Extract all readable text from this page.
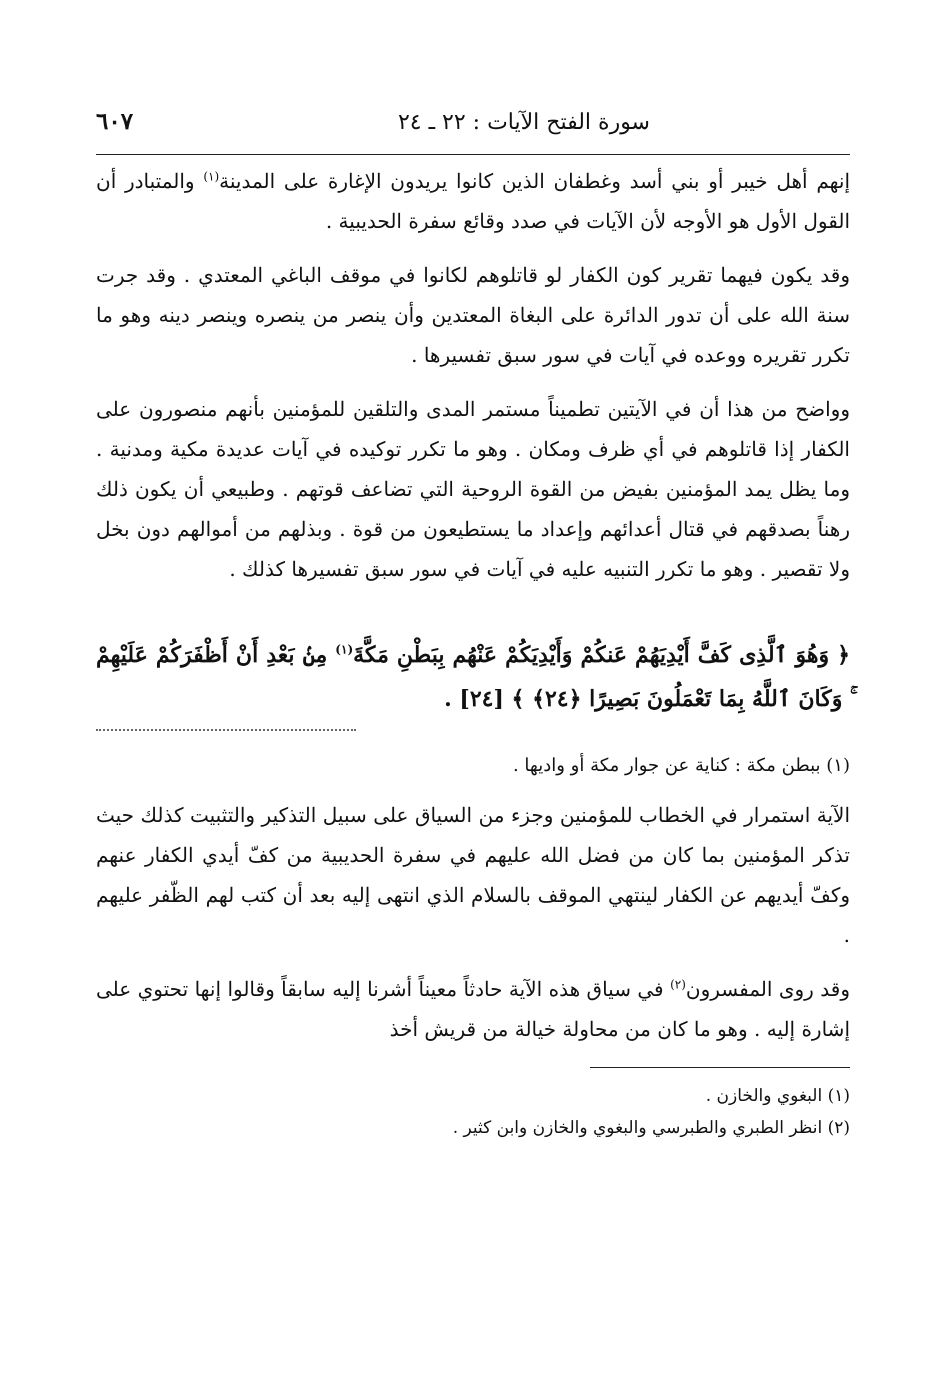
سورة الفتح الآيات : ٢٢ ـ ٢٤
٦٠٧

إنهم أهل خيبر أو بني أسد وغطفان الذين كانوا يريدون الإغارة على المدينة$^{(١)}$ والمتبادر أن القول الأول هو الأوجه لأن الآيات في صدد وقائع سفرة الحديبية .

وقد يكون فيهما تقرير كون الكفار لو قاتلوهم لكانوا في موقف الباغي المعتدي . وقد جرت سنة الله على أن تدور الدائرة على البغاة المعتدين وأن ينصر من ينصره وينصر دينه وهو ما تكرر تقريره ووعده في آيات في سور سبق تفسيرها .

وواضح من هذا أن في الآيتين تطميناً مستمر المدى والتلقين للمؤمنين بأنهم منصورون على الكفار إذا قاتلوهم في أي ظرف ومكان . وهو ما تكرر توكيده في آيات عديدة مكية ومدنية . وما يظل يمد المؤمنين بفيض من القوة الروحية التي تضاعف قوتهم . وطبيعي أن يكون ذلك رهناً بصدقهم في قتال أعدائهم وإعداد ما يستطيعون من قوة . وبذلهم من أموالهم دون بخل ولا تقصير . وهو ما تكرر التنبيه عليه في آيات في سور سبق تفسيرها كذلك .

﴿ وَهُوَ ٱلَّذِى كَفَّ أَيْدِيَهُمْ عَنكُمْ وَأَيْدِيَكُمْ عَنْهُم بِبَطْنِ مَكَّةَ$^{(١)}$ مِنۢ بَعْدِ أَنْ أَظْفَرَكُمْ عَلَيْهِمْ ۚ وَكَانَ ٱللَّهُ بِمَا تَعْمَلُونَ بَصِيرًا ﴿٢٤﴾ ﴾ [٢٤] .

(١) ببطن مكة : كناية عن جوار مكة أو واديها .

الآية استمرار في الخطاب للمؤمنين وجزء من السياق على سبيل التذكير والتثبيت كذلك حيث تذكر المؤمنين بما كان من فضل الله عليهم في سفرة الحديبية من كفّ أيدي الكفار عنهم وكفّ أيديهم عن الكفار لينتهي الموقف بالسلام الذي انتهى إليه بعد أن كتب لهم الظّفر عليهم .

وقد روى المفسرون$^{(٢)}$ في سياق هذه الآية حادثاً معيناً أشرنا إليه سابقاً وقالوا إنها تحتوي على إشارة إليه . وهو ما كان من محاولة خيالة من قريش أخذ

(١) البغوي والخازن .

(٢) انظر الطبري والطبرسي والبغوي والخازن وابن كثير .
